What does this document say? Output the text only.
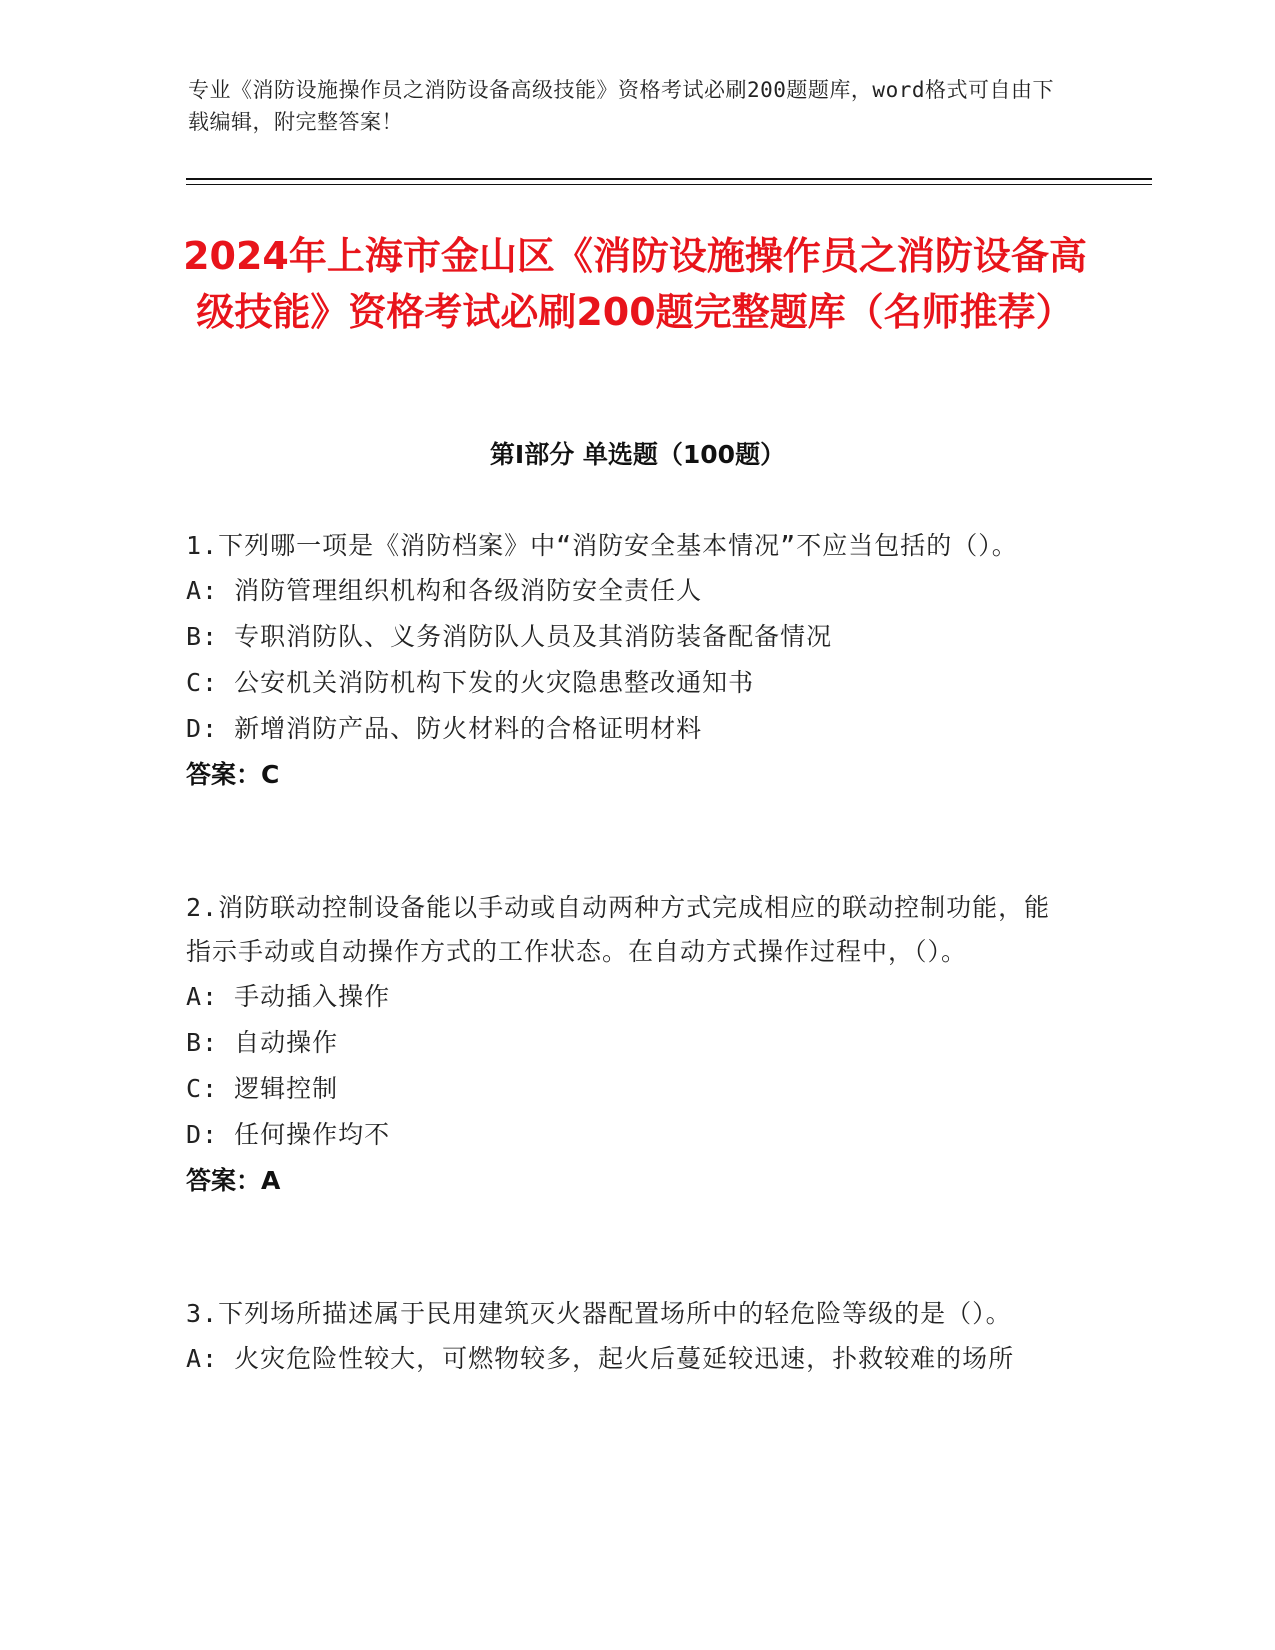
专业《消防设施操作员之消防设备高级技能》资格考试必刷200题题库，word格式可自由下载编辑，附完整答案！
2024年上海市金山区《消防设施操作员之消防设备高级技能》资格考试必刷200题完整题库（名师推荐）
第I部分 单选题（100题）
1.下列哪一项是《消防档案》中“消防安全基本情况”不应当包括的（）。
A: 消防管理组织机构和各级消防安全责任人
B: 专职消防队、义务消防队人员及其消防装备配备情况
C: 公安机关消防机构下发的火灾隐患整改通知书
D: 新增消防产品、防火材料的合格证明材料
答案：C
2.消防联动控制设备能以手动或自动两种方式完成相应的联动控制功能，能指示手动或自动操作方式的工作状态。在自动方式操作过程中，（）。
A: 手动插入操作
B: 自动操作
C: 逻辑控制
D: 任何操作均不
答案：A
3.下列场所描述属于民用建筑灭火器配置场所中的轻危险等级的是（）。
A: 火灾危险性较大，可燃物较多，起火后蔓延较迅速，扑救较难的场所
